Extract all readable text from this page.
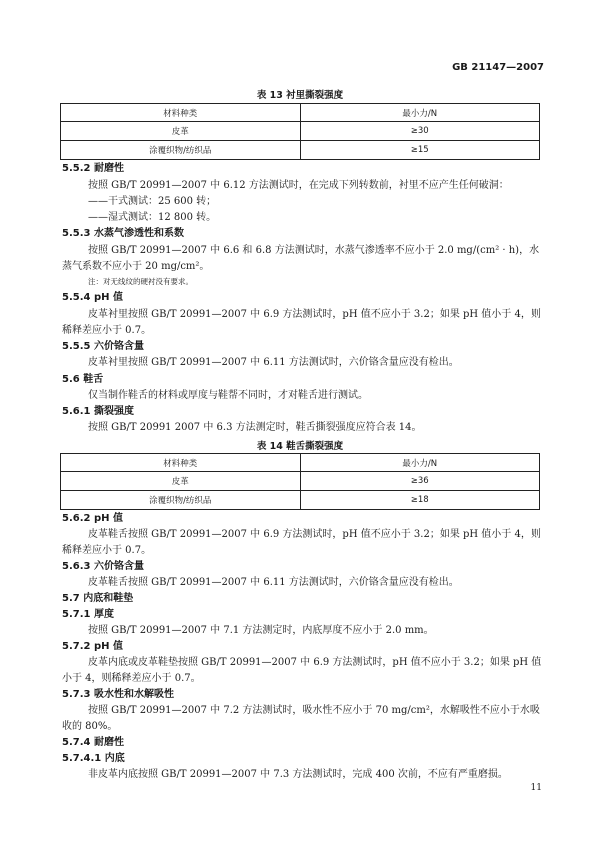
GB 21147—2007
表 13 衬里撕裂强度
材料种类	最小力/N
皮革	≥30
涂覆织物/纺织品	≥15
5.5.2 耐磨性
按照 GB/T 20991—2007 中 6.12 方法测试时，在完成下列转数前，衬里不应产生任何破洞：
——干式测试：25 600 转；
——湿式测试：12 800 转。
5.5.3 水蒸气渗透性和系数
按照 GB/T 20991—2007 中 6.6 和 6.8 方法测试时，水蒸气渗透率不应小于 2.0 mg/(cm² · h)，水
蒸气系数不应小于 20 mg/cm²。
注：对无线纹的硬衬没有要求。
5.5.4 pH 值
皮革衬里按照 GB/T 20991—2007 中 6.9 方法测试时，pH 值不应小于 3.2；如果 pH 值小于 4，则
稀释差应小于 0.7。
5.5.5 六价铬含量
皮革衬里按照 GB/T 20991—2007 中 6.11 方法测试时，六价铬含量应没有检出。
5.6 鞋舌
仅当制作鞋舌的材料或厚度与鞋帮不同时，才对鞋舌进行测试。
5.6.1 撕裂强度
按照 GB/T 20991 2007 中 6.3 方法测定时，鞋舌撕裂强度应符合表 14。
表 14 鞋舌撕裂强度
材料种类	最小力/N
皮革	≥36
涂覆织物/纺织品	≥18
5.6.2 pH 值
皮革鞋舌按照 GB/T 20991—2007 中 6.9 方法测试时，pH 值不应小于 3.2；如果 pH 值小于 4，则
稀释差应小于 0.7。
5.6.3 六价铬含量
皮革鞋舌按照 GB/T 20991—2007 中 6.11 方法测试时，六价铬含量应没有检出。
5.7 内底和鞋垫
5.7.1 厚度
按照 GB/T 20991—2007 中 7.1 方法测定时，内底厚度不应小于 2.0 mm。
5.7.2 pH 值
皮革内底或皮革鞋垫按照 GB/T 20991—2007 中 6.9 方法测试时，pH 值不应小于 3.2；如果 pH 值
小于 4，则稀释差应小于 0.7。
5.7.3 吸水性和水解吸性
按照 GB/T 20991—2007 中 7.2 方法测试时，吸水性不应小于 70 mg/cm²，水解吸性不应小于水吸
收的 80%。
5.7.4 耐磨性
5.7.4.1 内底
非皮革内底按照 GB/T 20991—2007 中 7.3 方法测试时，完成 400 次前，不应有严重磨损。
11
